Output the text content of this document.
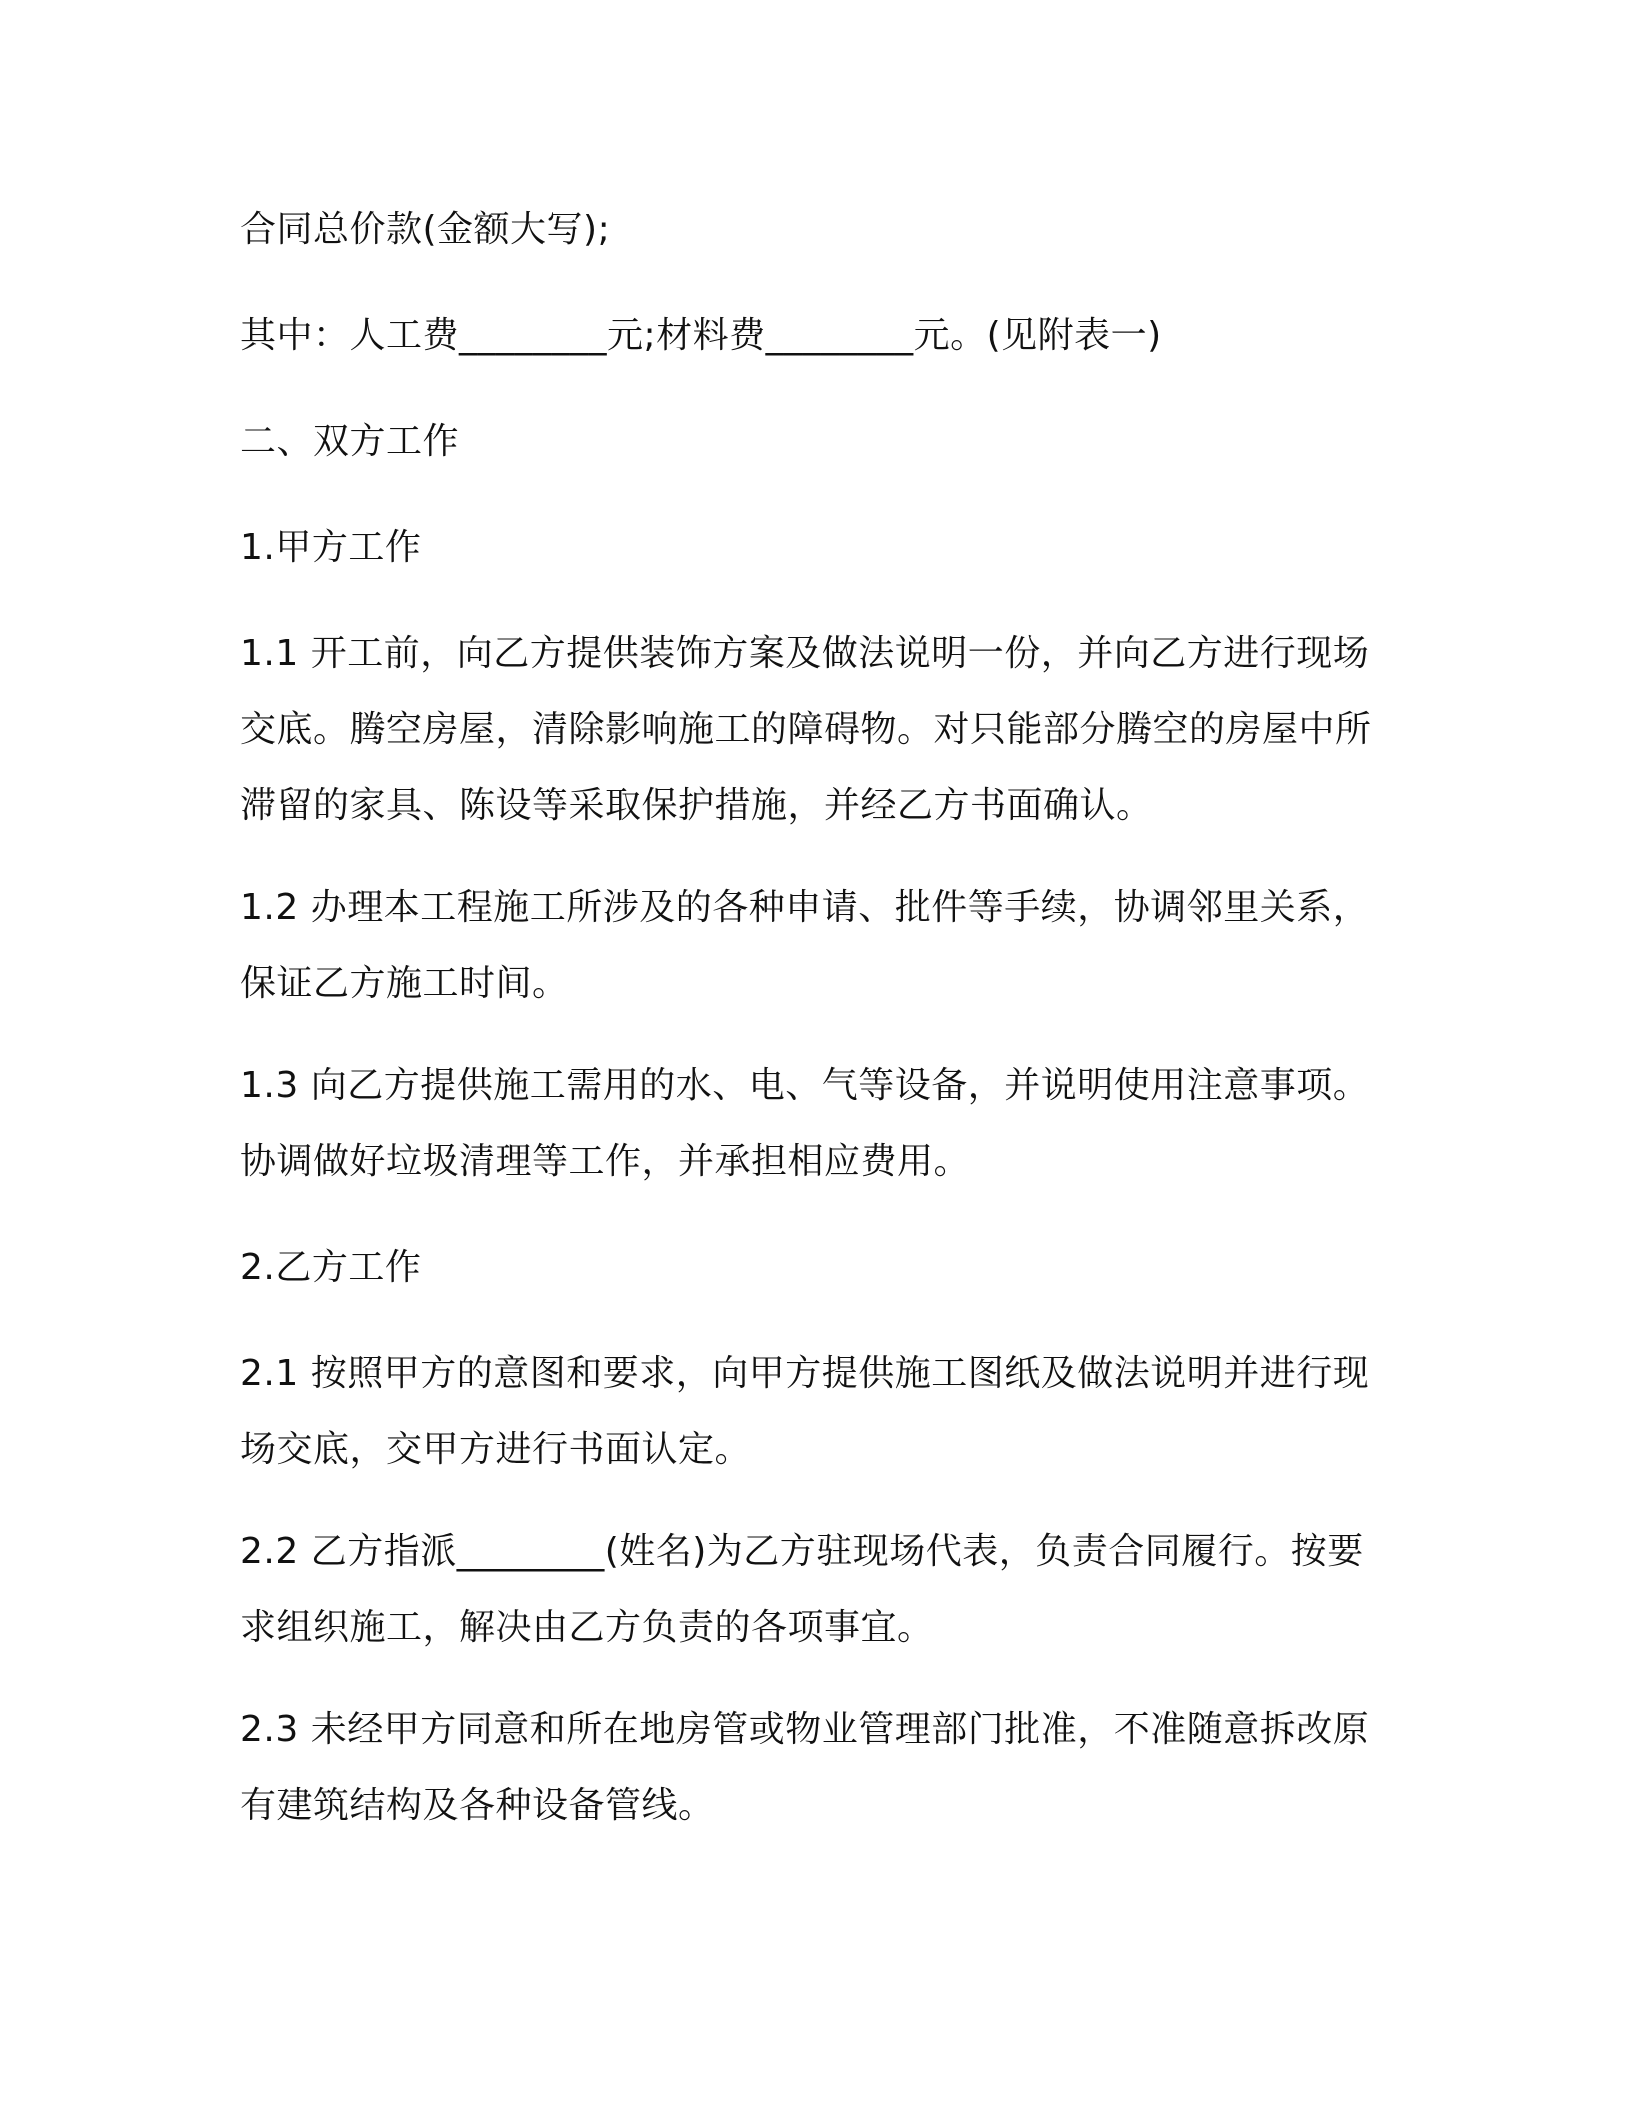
合同总价款(金额大写);

其中：人工费________元;材料费________元。(见附表一)

二、双方工作

1.甲方工作

1.1 开工前，向乙方提供装饰方案及做法说明一份，并向乙方进行现场交底。腾空房屋，清除影响施工的障碍物。对只能部分腾空的房屋中所滞留的家具、陈设等采取保护措施，并经乙方书面确认。

1.2 办理本工程施工所涉及的各种申请、批件等手续，协调邻里关系，保证乙方施工时间。

1.3 向乙方提供施工需用的水、电、气等设备，并说明使用注意事项。协调做好垃圾清理等工作，并承担相应费用。

2.乙方工作

2.1 按照甲方的意图和要求，向甲方提供施工图纸及做法说明并进行现场交底，交甲方进行书面认定。

2.2 乙方指派________(姓名)为乙方驻现场代表，负责合同履行。按要求组织施工，解决由乙方负责的各项事宜。

2.3 未经甲方同意和所在地房管或物业管理部门批准，不准随意拆改原有建筑结构及各种设备管线。
